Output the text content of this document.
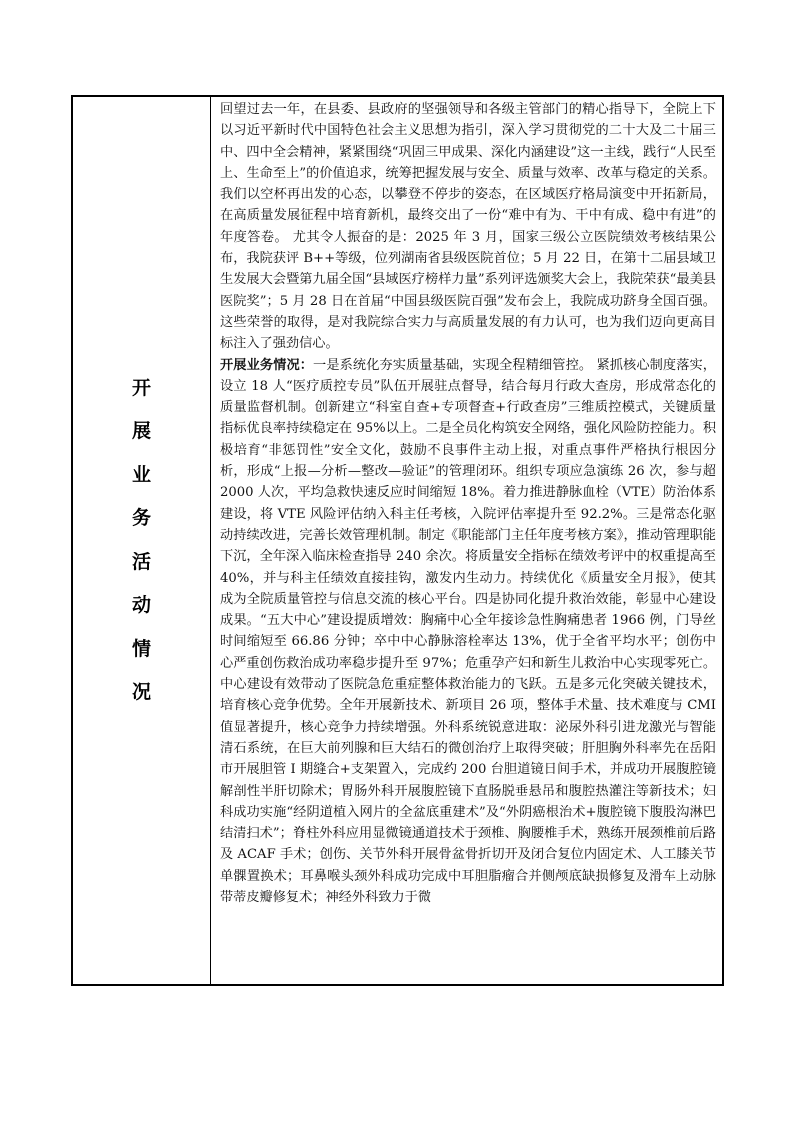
开
展
业
务
活
动
情
况

回望过去一年，在县委、县政府的坚强领导和各级主管部门的精心指导下，全院上下以习近平新时代中国特色社会主义思想为指引，深入学习贯彻党的二十大及二十届三中、四中全会精神，紧紧围绕“巩固三甲成果、深化内涵建设”这一主线，践行“人民至上、生命至上”的价值追求，统筹把握发展与安全、质量与效率、改革与稳定的关系。我们以空杯再出发的心态，以攀登不停步的姿态，在区域医疗格局演变中开拓新局，在高质量发展征程中培育新机，最终交出了一份“难中有为、干中有成、稳中有进”的年度答卷。 尤其令人振奋的是：2025 年 3 月，国家三级公立医院绩效考核结果公布，我院获评 B++等级，位列湖南省县级医院首位；5 月 22 日，在第十二届县域卫生发展大会暨第九届全国“县域医疗榜样力量”系列评选颁奖大会上，我院荣获“最美县医院奖”；5 月 28 日在首届“中国县级医院百强”发布会上，我院成功跻身全国百强。这些荣誉的取得，是对我院综合实力与高质量发展的有力认可，也为我们迈向更高目标注入了强劲信心。

开展业务情况：一是系统化夯实质量基础，实现全程精细管控。 紧抓核心制度落实，设立 18 人“医疗质控专员”队伍开展驻点督导，结合每月行政大查房，形成常态化的质量监督机制。创新建立“科室自查+专项督查+行政查房”三维质控模式，关键质量指标优良率持续稳定在 95%以上。二是全员化构筑安全网络，强化风险防控能力。积极培育“非惩罚性”安全文化，鼓励不良事件主动上报，对重点事件严格执行根因分析，形成“上报—分析—整改—验证”的管理闭环。组织专项应急演练 26 次，参与超 2000 人次，平均急救快速反应时间缩短 18%。着力推进静脉血栓（VTE）防治体系建设，将 VTE 风险评估纳入科主任考核，入院评估率提升至 92.2%。三是常态化驱动持续改进，完善长效管理机制。制定《职能部门主任年度考核方案》，推动管理职能下沉，全年深入临床检查指导 240 余次。将质量安全指标在绩效考评中的权重提高至 40%，并与科主任绩效直接挂钩，激发内生动力。持续优化《质量安全月报》，使其成为全院质量管控与信息交流的核心平台。四是协同化提升救治效能，彰显中心建设成果。“五大中心”建设提质增效：胸痛中心全年接诊急性胸痛患者 1966 例，门导丝时间缩短至 66.86 分钟；卒中中心静脉溶栓率达 13%，优于全省平均水平；创伤中心严重创伤救治成功率稳步提升至 97%；危重孕产妇和新生儿救治中心实现零死亡。中心建设有效带动了医院急危重症整体救治能力的飞跃。五是多元化突破关键技术，培育核心竞争优势。全年开展新技术、新项目 26 项，整体手术量、技术难度与 CMI 值显著提升，核心竞争力持续增强。外科系统锐意进取：泌尿外科引进龙激光与智能清石系统，在巨大前列腺和巨大结石的微创治疗上取得突破；肝胆胸外科率先在岳阳市开展胆管 I 期缝合+支架置入，完成约 200 台胆道镜日间手术，并成功开展腹腔镜解剖性半肝切除术；胃肠外科开展腹腔镜下直肠脱垂悬吊和腹腔热灌注等新技术；妇科成功实施“经阴道植入网片的全盆底重建术”及“外阴癌根治术+腹腔镜下腹股沟淋巴结清扫术”；脊柱外科应用显微镜通道技术于颈椎、胸腰椎手术，熟练开展颈椎前后路及 ACAF 手术；创伤、关节外科开展骨盆骨折切开及闭合复位内固定术、人工膝关节单髁置换术；耳鼻喉头颈外科成功完成中耳胆脂瘤合并侧颅底缺损修复及滑车上动脉带蒂皮瓣修复术；神经外科致力于微
